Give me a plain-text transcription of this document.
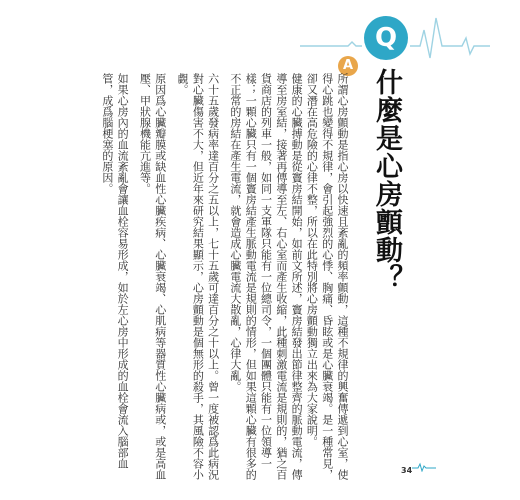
Q
A
什麼是心房顫動？

所謂心房顫動是指心房以快速且紊亂的頻率顫動，這種不規律的興奮傳遞到心室，使得心跳也變得不規律，會引起強烈的心悸、胸痛、昏眩或是心臟衰竭。是一種常見，卻又潛在高危險的心律不整，所以在此特別將心房顫動獨立出來為大家說明。

健康的心臟搏動是從竇房結開始，如前文所述，竇房結發出節律整齊的脈動電流，傳導至房室結，接著再傳導至左、右心室而產生收縮，此種刺激電流是規則的，猶之百貨商店的列車一般，如同一支軍隊只能有一位總司令，一個團體只能有一位領導一樣；一顆心臟只有一個竇房結產生脈動電流是規則的情形，但如果這顆心臟有很多的不正常的房結在產生電流，就會造成心臟電流大散亂，心律大亂。

六十五歲發病率達百分之五以上，七十五歲可達百分之十以上。曾一度被認爲此病況對心臟傷害不大，但近年來研究結果顯示，心房顫動是個無形的殺手，其風險不容小覷。

原因爲心臟瓣膜或缺血性心臟疾病、心臟衰竭、心肌病等器質性心臟病或，或是高血壓、甲狀腺機能亢進等。

如果心房內的血流紊亂會讓血栓容易形成，如於左心房中形成的血栓會流入腦部血管，成爲腦梗塞的原因。

34
